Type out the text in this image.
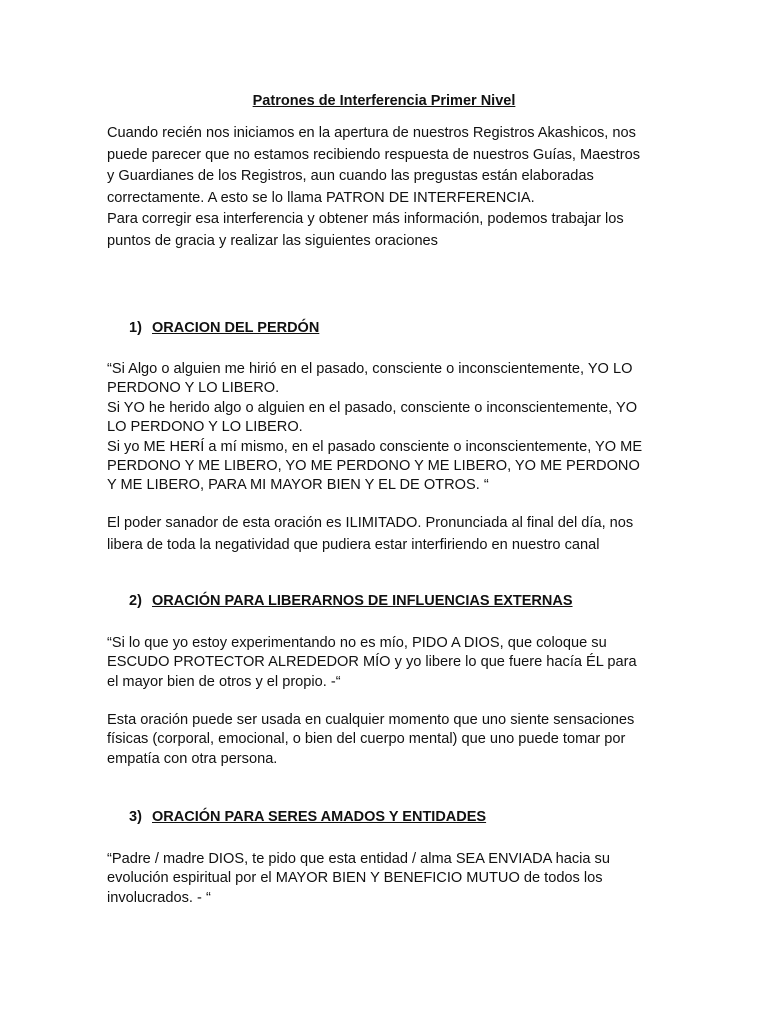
Patrones de Interferencia Primer Nivel
Cuando recién nos iniciamos en la apertura de nuestros Registros Akashicos, nos
puede parecer que no estamos recibiendo respuesta de nuestros Guías, Maestros
y Guardianes de los Registros, aun cuando las pregustas están elaboradas
correctamente. A esto se lo llama PATRON DE INTERFERENCIA.
Para corregir esa interferencia y obtener más información, podemos trabajar los
puntos de gracia y realizar las siguientes oraciones
1) ORACION DEL PERDÓN
“Si Algo o alguien me hirió en el pasado, consciente o inconscientemente, YO LO
PERDONO Y LO LIBERO.
Si YO he herido algo o alguien en el pasado, consciente o inconscientemente, YO
LO PERDONO Y LO LIBERO.
Si yo ME HERÍ a mí mismo, en el pasado consciente o inconscientemente, YO ME
PERDONO Y ME LIBERO, YO ME PERDONO Y ME LIBERO, YO ME PERDONO
Y ME LIBERO, PARA MI MAYOR BIEN Y EL DE OTROS. “
El poder sanador de esta oración es ILIMITADO. Pronunciada al final del día, nos
libera de toda la negatividad que pudiera estar interfiriendo en nuestro canal
2) ORACIÓN PARA LIBERARNOS DE INFLUENCIAS EXTERNAS
“Si lo que yo estoy experimentando no es mío, PIDO A DIOS, que coloque su
ESCUDO PROTECTOR ALREDEDOR MÍO y yo libere lo que fuere hacía ÉL para
el mayor bien de otros y el propio. -“
Esta oración puede ser usada en cualquier momento que uno siente sensaciones
físicas (corporal, emocional, o bien del cuerpo mental) que uno puede tomar por
empatía con otra persona.
3) ORACIÓN PARA SERES AMADOS Y ENTIDADES
“Padre / madre DIOS, te pido que esta entidad / alma SEA ENVIADA hacia su
evolución espiritual por el MAYOR BIEN Y BENEFICIO MUTUO de todos los
involucrados. - “
